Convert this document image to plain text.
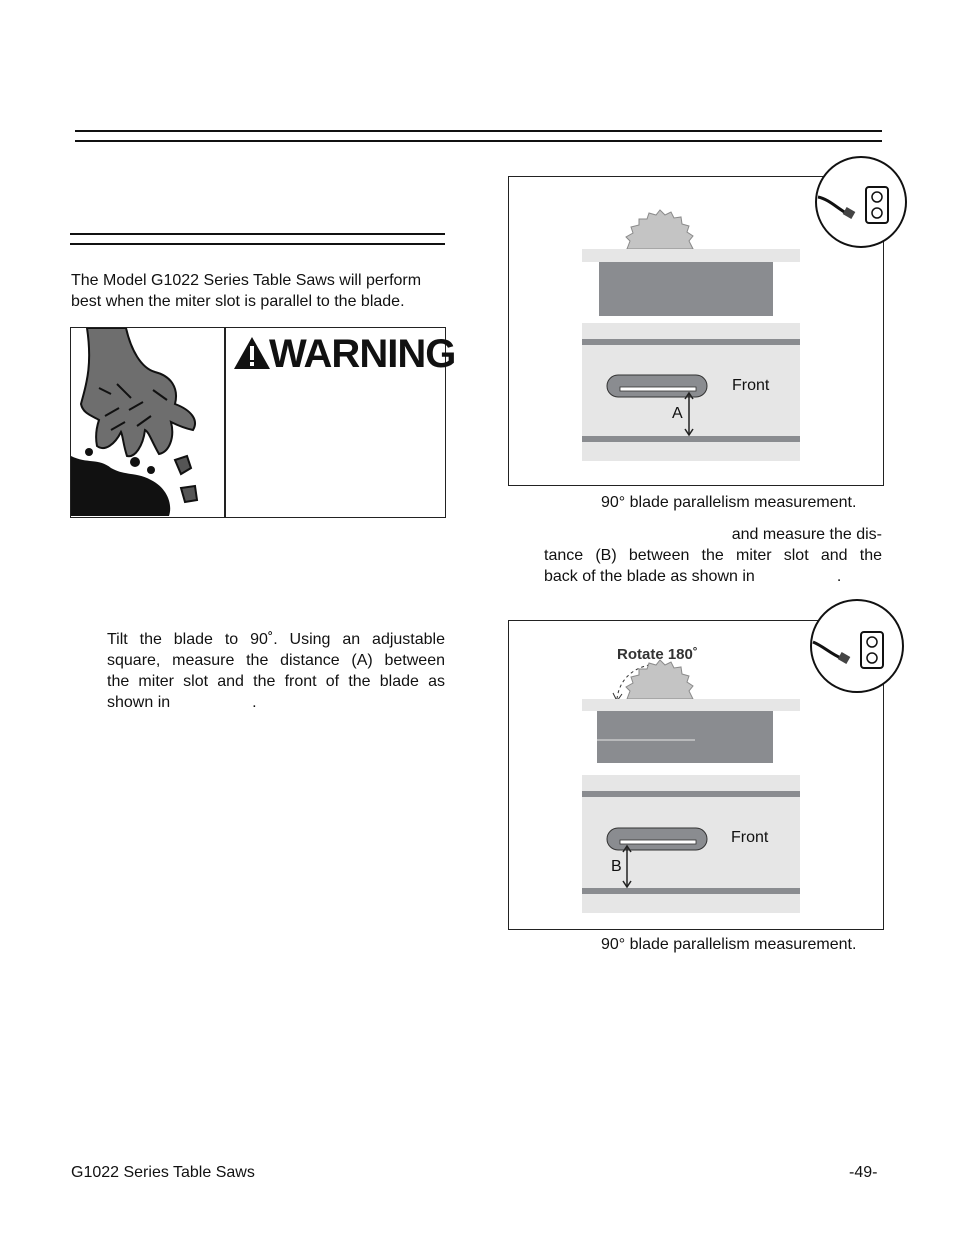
The Model G1022 Series Table Saws will perform
best when the miter slot is parallel to the blade.
WARNING
Tilt the blade to 90˚. Using an adjustable
square, measure the distance (A) between
the miter slot and the front of the blade as
shown in	.
Front
A
90° blade parallelism measurement.
and measure the dis-
tance (B) between the miter slot and the
back of the blade as shown in	.
Rotate 180˚
Front
B
90° blade parallelism measurement.
G1022 Series Table Saws	-49-
